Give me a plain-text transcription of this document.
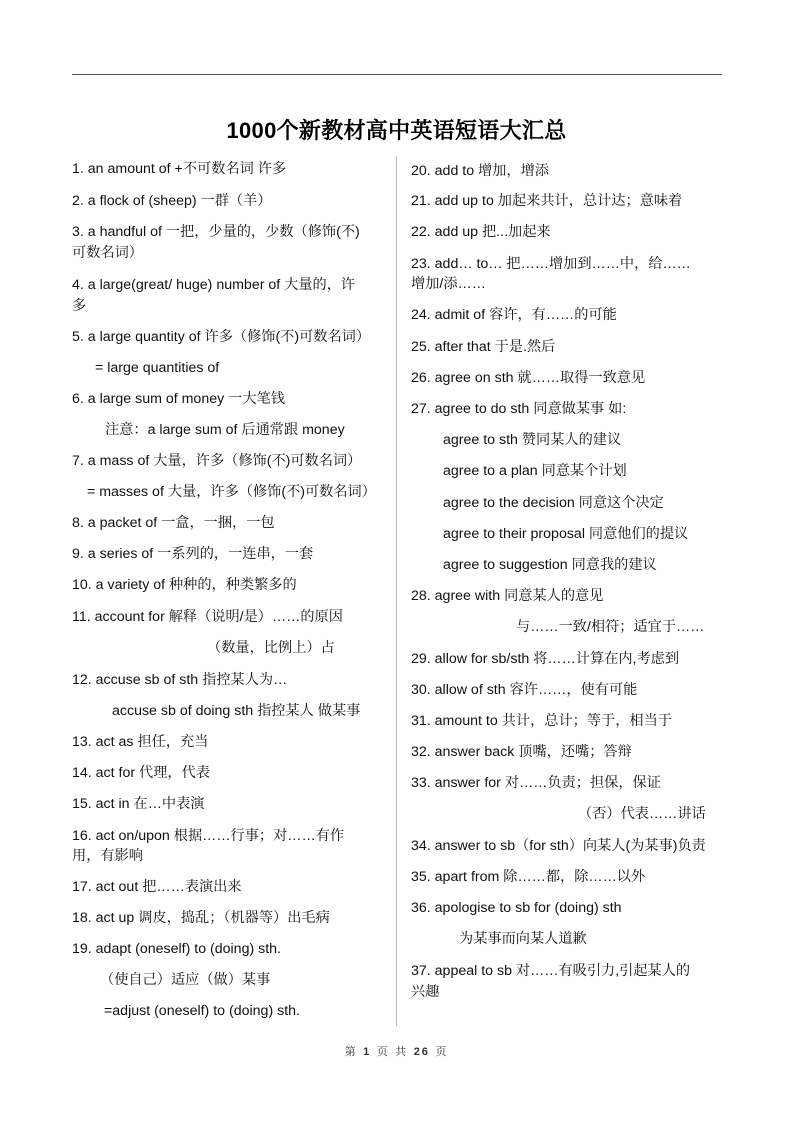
1000个新教材高中英语短语大汇总
1. an amount of +不可数名词 许多
2. a flock of (sheep) 一群（羊）
3. a handful of 一把，少量的，少数（修饰(不)
可数名词）
4. a large(great/ huge) number of 大量的，许
多
5. a large quantity of 许多（修饰(不)可数名词）
= large quantities of
6. a large sum of money 一大笔钱
注意：a large sum of 后通常跟 money
7. a mass of 大量，许多（修饰(不)可数名词）
= masses of 大量，许多（修饰(不)可数名词）
8. a packet of 一盒，一捆，一包
9. a series of 一系列的，一连串，一套
10. a variety of 种种的，种类繁多的
11. account for 解释（说明/是）……的原因
（数量，比例上）占
12. accuse sb of sth 指控某人为…
accuse sb of doing sth 指控某人 做某事
13. act as 担任，充当
14. act for 代理，代表
15. act in 在…中表演
16. act on/upon 根据……行事；对……有作
用，有影响
17. act out 把……表演出来
18. act up 调皮，捣乱；（机器等）出毛病
19. adapt (oneself) to (doing) sth.
（使自己）适应（做）某事
=adjust (oneself) to (doing) sth.
20. add to 增加，增添
21. add up to 加起来共计，总计达；意味着
22. add up 把...加起来
23. add… to… 把……增加到……中，给……
增加/添……
24. admit of 容许，有……的可能
25. after that 于是.然后
26. agree on sth 就……取得一致意见
27. agree to do sth 同意做某事 如:
agree to sth 赞同某人的建议
agree to a plan 同意某个计划
agree to the decision 同意这个决定
agree to their proposal 同意他们的提议
agree to suggestion 同意我的建议
28. agree with 同意某人的意见
与……一致/相符；适宜于……
29. allow for sb/sth 将……计算在内,考虑到
30. allow of sth 容许……，使有可能
31. amount to 共计，总计；等于，相当于
32. answer back 顶嘴，还嘴；答辩
33. answer for 对……负责；担保，保证
（否）代表……讲话
34. answer to sb（for sth）向某人(为某事)负责
35. apart from 除……都，除……以外
36. apologise to sb for (doing) sth
为某事而向某人道歉
37. appeal to sb 对……有吸引力,引起某人的
兴趣
第 1 页 共 26 页
